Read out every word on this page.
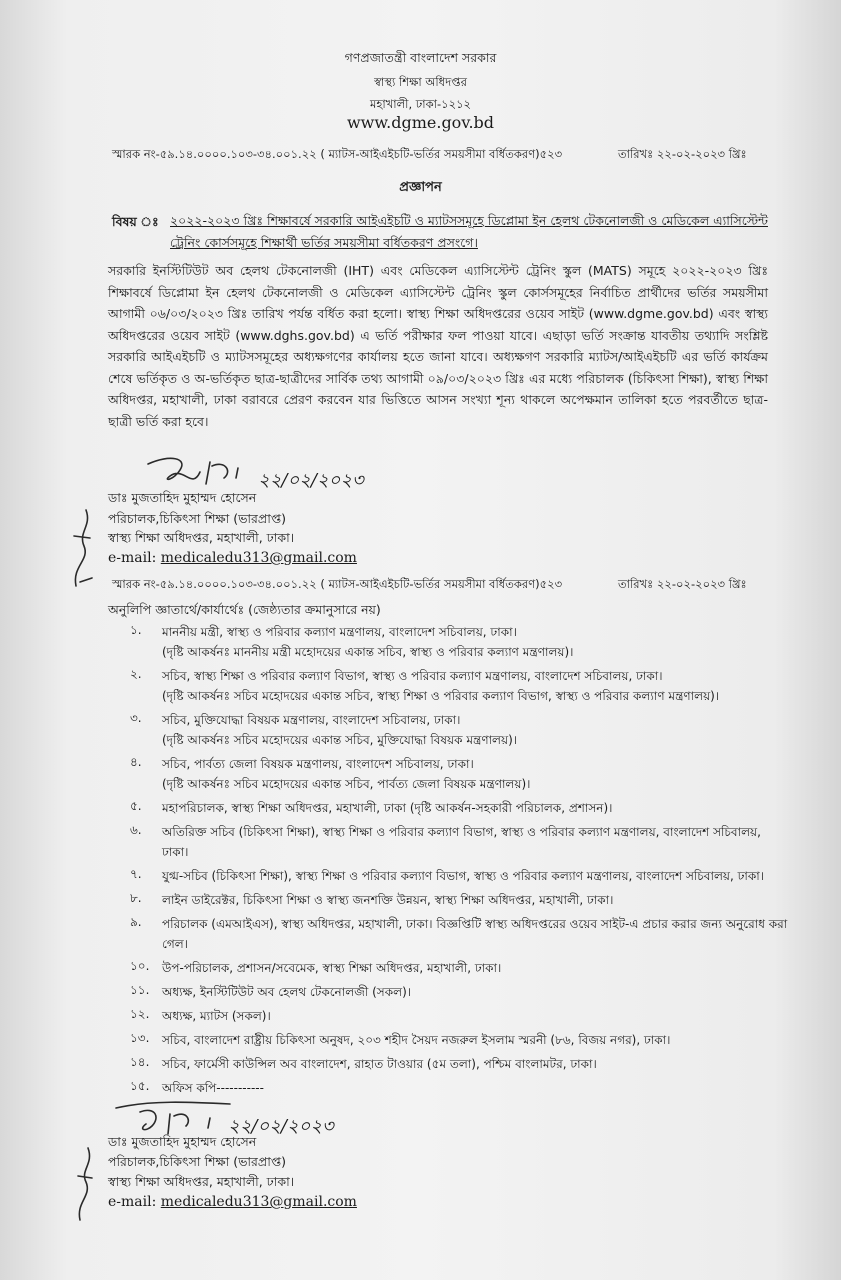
গণপ্রজাতন্ত্রী বাংলাদেশ সরকার
স্বাস্থ্য শিক্ষা অধিদপ্তর
মহাখালী, ঢাকা-১২১২
www.dgme.gov.bd
স্মারক নং-৫৯.১৪.০০০০.১০৩-৩৪.০০১.২২ ( ম্যাটস-আইএইচটি-ভর্তির সময়সীমা বর্ধিতকরণ)৫২৩	তারিখঃ ২২-০২-২০২৩ খ্রিঃ
প্রজ্ঞাপন
বিষয় ঃ ২০২২-২০২৩ খ্রিঃ শিক্ষাবর্ষে সরকারি আইএইচটি ও ম্যাটসসমূহে ডিপ্লোমা ইন হেলথ টেকনোলজী ও মেডিকেল এ্যাসিস্টেন্ট ট্রেনিং কোর্সসমূহে শিক্ষার্থী ভর্তির সময়সীমা বর্ধিতকরণ প্রসংগে।
সরকারি ইনস্টিটিউট অব হেলথ টেকনোলজী (IHT) এবং মেডিকেল এ্যাসিস্টেন্ট ট্রেনিং স্কুল (MATS) সমূহে ২০২২-২০২৩ খ্রিঃ শিক্ষাবর্ষে ডিপ্লোমা ইন হেলথ টেকনোলজী ও মেডিকেল এ্যাসিস্টেন্ট ট্রেনিং স্কুল কোর্সসমূহের নির্বাচিত প্রার্থীদের ভর্তির সময়সীমা আগামী ০৬/০৩/২০২৩ খ্রিঃ তারিখ পর্যন্ত বর্ধিত করা হলো। স্বাস্থ্য শিক্ষা অধিদপ্তরের ওয়েব সাইট (www.dgme.gov.bd) এবং স্বাস্থ্য অধিদপ্তরের ওয়েব সাইট (www.dghs.gov.bd) এ ভর্তি পরীক্ষার ফল পাওয়া যাবে। এছাড়া ভর্তি সংক্রান্ত যাবতীয় তথ্যাদি সংশ্লিষ্ট সরকারি আইএইচটি ও ম্যাটসসমূহের অধ্যক্ষগণের কার্যালয় হতে জানা যাবে। অধ্যক্ষগণ সরকারি ম্যাটস/আইএইচটি এর ভর্তি কার্যক্রম শেষে ভর্তিকৃত ও অ-ভর্তিকৃত ছাত্র-ছাত্রীদের সার্বিক তথ্য আগামী ০৯/০৩/২০২৩ খ্রিঃ এর মধ্যে পরিচালক (চিকিৎসা শিক্ষা), স্বাস্থ্য শিক্ষা অধিদপ্তর, মহাখালী, ঢাকা বরাবরে প্রেরণ করবেন যার ভিত্তিতে আসন সংখ্যা শূন্য থাকলে অপেক্ষমান তালিকা হতে পরবর্তীতে ছাত্র-ছাত্রী ভর্তি করা হবে।
২২/০২/২০২৩
ডাঃ মুজতাহিদ মুহাম্মদ হোসেন
পরিচালক,চিকিৎসা শিক্ষা (ভারপ্রাপ্ত)
স্বাস্থ্য শিক্ষা অধিদপ্তর, মহাখালী, ঢাকা।
e-mail: medicaledu313@gmail.com
স্মারক নং-৫৯.১৪.০০০০.১০৩-৩৪.০০১.২২ ( ম্যাটস-আইএইচটি-ভর্তির সময়সীমা বর্ধিতকরণ)৫২৩	তারিখঃ ২২-০২-২০২৩ খ্রিঃ
অনুলিপি জ্ঞাতার্থে/কার্যার্থেঃ (জেষ্ঠ্যতার ক্রমানুসারে নয়)
১. মাননীয় মন্ত্রী, স্বাস্থ্য ও পরিবার কল্যাণ মন্ত্রণালয়, বাংলাদেশ সচিবালয়, ঢাকা।
(দৃষ্টি আকর্ষনঃ মাননীয় মন্ত্রী মহোদয়ের একান্ত সচিব, স্বাস্থ্য ও পরিবার কল্যাণ মন্ত্রণালয়)।
২. সচিব, স্বাস্থ্য শিক্ষা ও পরিবার কল্যাণ বিভাগ, স্বাস্থ্য ও পরিবার কল্যাণ মন্ত্রণালয়, বাংলাদেশ সচিবালয়, ঢাকা।
(দৃষ্টি আকর্ষনঃ সচিব মহোদয়ের একান্ত সচিব, স্বাস্থ্য শিক্ষা ও পরিবার কল্যাণ বিভাগ, স্বাস্থ্য ও পরিবার কল্যাণ মন্ত্রণালয়)।
৩. সচিব, মুক্তিযোদ্ধা বিষয়ক মন্ত্রণালয়, বাংলাদেশ সচিবালয়, ঢাকা।
(দৃষ্টি আকর্ষনঃ সচিব মহোদয়ের একান্ত সচিব, মুক্তিযোদ্ধা বিষয়ক মন্ত্রণালয়)।
৪. সচিব, পার্বত্য জেলা বিষয়ক মন্ত্রণালয়, বাংলাদেশ সচিবালয়, ঢাকা।
(দৃষ্টি আকর্ষনঃ সচিব মহোদয়ের একান্ত সচিব, পার্বত্য জেলা বিষয়ক মন্ত্রণালয়)।
৫. মহাপরিচালক, স্বাস্থ্য শিক্ষা অধিদপ্তর, মহাখালী, ঢাকা (দৃষ্টি আকর্ষন-সহকারী পরিচালক, প্রশাসন)।
৬. অতিরিক্ত সচিব (চিকিৎসা শিক্ষা), স্বাস্থ্য শিক্ষা ও পরিবার কল্যাণ বিভাগ, স্বাস্থ্য ও পরিবার কল্যাণ মন্ত্রণালয়, বাংলাদেশ সচিবালয়, ঢাকা।
৭. যুগ্ম-সচিব (চিকিৎসা শিক্ষা), স্বাস্থ্য শিক্ষা ও পরিবার কল্যাণ বিভাগ, স্বাস্থ্য ও পরিবার কল্যাণ মন্ত্রণালয়, বাংলাদেশ সচিবালয়, ঢাকা।
৮. লাইন ডাইরেক্টর, চিকিৎসা শিক্ষা ও স্বাস্থ্য জনশক্তি উন্নয়ন, স্বাস্থ্য শিক্ষা অধিদপ্তর, মহাখালী, ঢাকা।
৯. পরিচালক (এমআইএস), স্বাস্থ্য অধিদপ্তর, মহাখালী, ঢাকা। বিজ্ঞপ্তিটি স্বাস্থ্য অধিদপ্তরের ওয়েব সাইট-এ প্রচার করার জন্য অনুরোধ করা গেল।
১০. উপ-পরিচালক, প্রশাসন/সবেমেক, স্বাস্থ্য শিক্ষা অধিদপ্তর, মহাখালী, ঢাকা।
১১. অধ্যক্ষ, ইনস্টিটিউট অব হেলথ টেকনোলজী (সকল)।
১২. অধ্যক্ষ, ম্যাটস (সকল)।
১৩. সচিব, বাংলাদেশ রাষ্ট্রীয় চিকিৎসা অনুষদ, ২০৩ শহীদ সৈয়দ নজরুল ইসলাম স্মরনী (৮৬, বিজয় নগর), ঢাকা।
১৪. সচিব, ফার্মেসী কাউন্সিল অব বাংলাদেশ, রাহাত টাওয়ার (৫ম তলা), পশ্চিম বাংলামটর, ঢাকা।
১৫. অফিস কপি-----------
২২/০২/২০২৩
ডাঃ মুজতাহিদ মুহাম্মদ হোসেন
পরিচালক,চিকিৎসা শিক্ষা (ভারপ্রাপ্ত)
স্বাস্থ্য শিক্ষা অধিদপ্তর, মহাখালী, ঢাকা।
e-mail: medicaledu313@gmail.com
